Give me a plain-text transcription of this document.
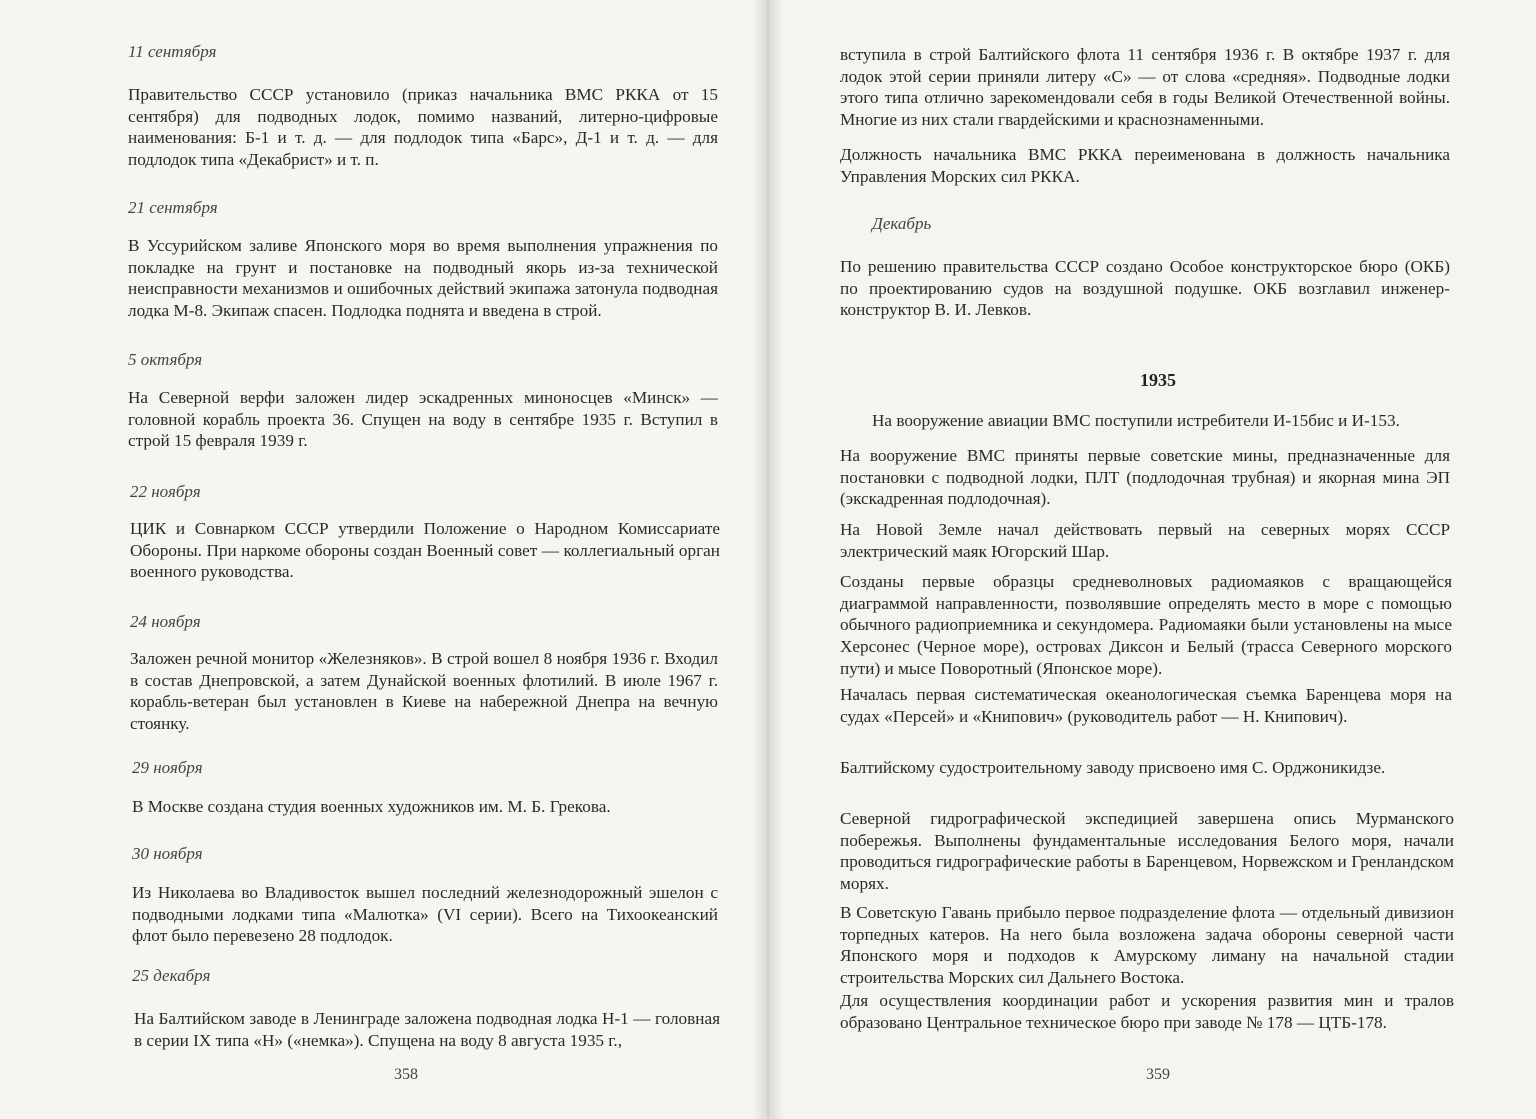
11 сентября
Правительство СССР установило (приказ начальника ВМС РККА от 15 сентября) для подводных лодок, помимо названий, литерно-цифровые наименования: Б-1 и т. д. — для подлодок типа «Барс», Д-1 и т. д. — для подлодок типа «Декабрист» и т. п.
21 сентября
В Уссурийском заливе Японского моря во время выполнения упражнения по покладке на грунт и постановке на подводный якорь из-за технической неисправности механизмов и ошибочных действий экипажа затонула подводная лодка М-8. Экипаж спасен. Подлодка поднята и введена в строй.
5 октября
На Северной верфи заложен лидер эскадренных миноносцев «Минск» — головной корабль проекта 36. Спущен на воду в сентябре 1935 г. Вступил в строй 15 февраля 1939 г.
22 ноября
ЦИК и Совнарком СССР утвердили Положение о Народном Комиссариате Обороны. При наркоме обороны создан Военный совет — коллегиальный орган военного руководства.
24 ноября
Заложен речной монитор «Железняков». В строй вошел 8 ноября 1936 г. Входил в состав Днепровской, а затем Дунайской военных флотилий. В июле 1967 г. корабль-ветеран был установлен в Киеве на набережной Днепра на вечную стоянку.
29 ноября
В Москве создана студия военных художников им. М. Б. Грекова.
30 ноября
Из Николаева во Владивосток вышел последний железнодорожный эшелон с подводными лодками типа «Малютка» (VI серии). Всего на Тихоокеанский флот было перевезено 28 подлодок.
25 декабря
На Балтийском заводе в Ленинграде заложена подводная лодка Н-1 — головная в серии IX типа «Н» («немка»). Спущена на воду 8 августа 1935 г.,
358
вступила в строй Балтийского флота 11 сентября 1936 г. В октябре 1937 г. для лодок этой серии приняли литеру «С» — от слова «средняя». Подводные лодки этого типа отлично зарекомендовали себя в годы Великой Отечественной войны. Многие из них стали гвардейскими и краснознаменными.
Должность начальника ВМС РККА переименована в должность начальника Управления Морских сил РККА.
Декабрь
По решению правительства СССР создано Особое конструкторское бюро (ОКБ) по проектированию судов на воздушной подушке. ОКБ возглавил инженер-конструктор В. И. Левков.
1935
На вооружение авиации ВМС поступили истребители И-15бис и И-153.
На вооружение ВМС приняты первые советские мины, предназначенные для постановки с подводной лодки, ПЛТ (подлодочная трубная) и якорная мина ЭП (экскадренная подлодочная).
На Новой Земле начал действовать первый на северных морях СССР электрический маяк Югорский Шар.
Созданы первые образцы средневолновых радиомаяков с вращающейся диаграммой направленности, позволявшие определять место в море с помощью обычного радиоприемника и секундомера. Радиомаяки были установлены на мысе Херсонес (Черное море), островах Диксон и Белый (трасса Северного морского пути) и мысе Поворотный (Японское море).
Началась первая систематическая океанологическая съемка Баренцева моря на судах «Персей» и «Книпович» (руководитель работ — Н. Книпович).
Балтийскому судостроительному заводу присвоено имя С. Орджоникидзе.
Северной гидрографической экспедицией завершена опись Мурманского побережья. Выполнены фундаментальные исследования Белого моря, начали проводиться гидрографические работы в Баренцевом, Норвежском и Гренландском морях.
В Советскую Гавань прибыло первое подразделение флота — отдельный дивизион торпедных катеров. На него была возложена задача обороны северной части Японского моря и подходов к Амурскому лиману на начальной стадии строительства Морских сил Дальнего Востока.
Для осуществления координации работ и ускорения развития мин и тралов образовано Центральное техническое бюро при заводе № 178 — ЦТБ-178.
359
